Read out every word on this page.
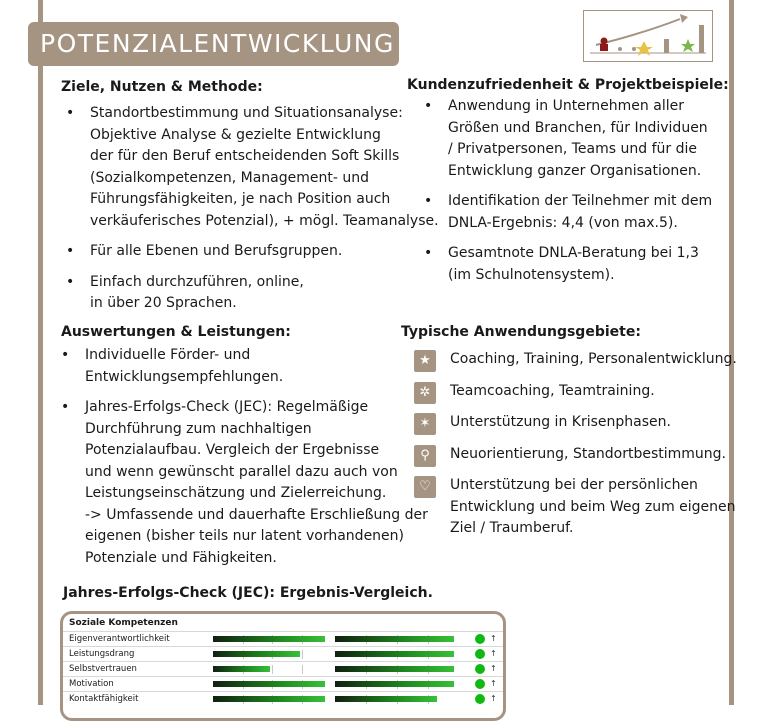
POTENZIALENTWICKLUNG
Ziele, Nutzen & Methode:
• Standortbestimmung und Situationsanalyse:
Objektive Analyse & gezielte Entwicklung
der für den Beruf entscheidenden Soft Skills
(Sozialkompetenzen, Management- und
Führungsfähigkeiten, je nach Position auch
verkäuferisches Potenzial), + mögl. Teamanalyse.
• Für alle Ebenen und Berufsgruppen.
• Einfach durchzuführen, online,
in über 20 Sprachen.
Kundenzufriedenheit & Projektbeispiele:
• Anwendung in Unternehmen aller
Größen und Branchen, für Individuen
/ Privatpersonen, Teams und für die
Entwicklung ganzer Organisationen.
• Identifikation der Teilnehmer mit dem
DNLA-Ergebnis: 4,4 (von max.5).
• Gesamtnote DNLA-Beratung bei 1,3
(im Schulnotensystem).
Auswertungen & Leistungen:
• Individuelle Förder- und
Entwicklungsempfehlungen.
• Jahres-Erfolgs-Check (JEC): Regelmäßige
Durchführung zum nachhaltigen
Potenzialaufbau. Vergleich der Ergebnisse
und wenn gewünscht parallel dazu auch von
Leistungseinschätzung und Zielerreichung.
-> Umfassende und dauerhafte Erschließung der
eigenen (bisher teils nur latent vorhandenen)
Potenziale und Fähigkeiten.
Typische Anwendungsgebiete:
★	Coaching, Training, Personalentwicklung.
✲	Teamcoaching, Teamtraining.
✶	Unterstützung in Krisenphasen.
⚲	Neuorientierung, Standortbestimmung.
♡	Unterstützung bei der persönlichen
Entwicklung und beim Weg zum eigenen
Ziel / Traumberuf.
Jahres-Erfolgs-Check (JEC): Ergebnis-Vergleich.
Soziale Kompetenzen
Eigenverantwortlichkeit	↑
Leistungsdrang	↑
Selbstvertrauen	↑
Motivation	↑
Kontaktfähigkeit	↑
